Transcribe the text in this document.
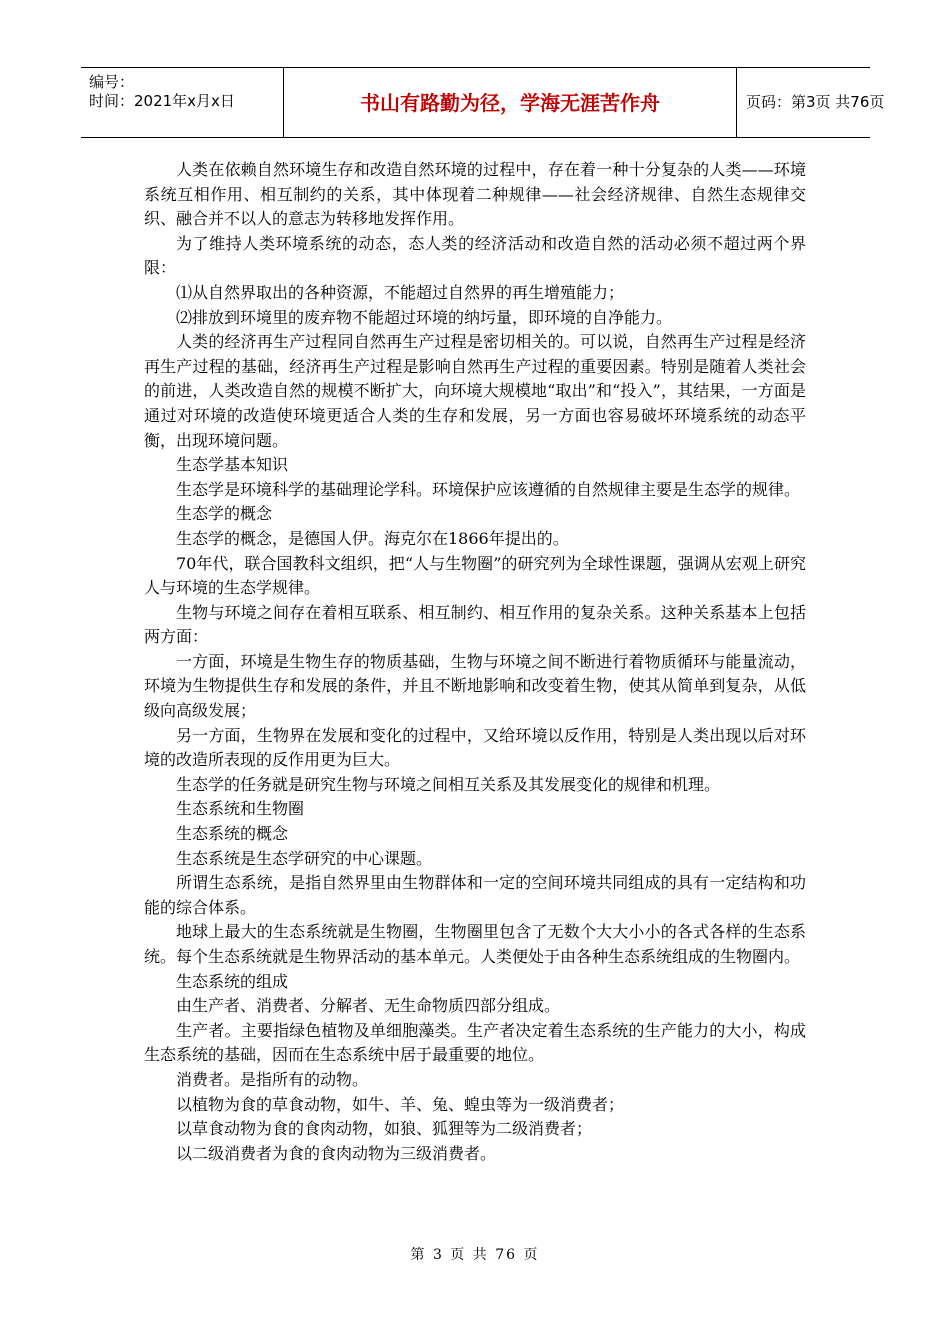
编号：
时间：2021年x月x日	书山有路勤为径，学海无涯苦作舟	页码：第3页 共76页

人类在依赖自然环境生存和改造自然环境的过程中，存在着一种十分复杂的人类——环境系统互相作用、相互制约的关系，其中体现着二种规律——社会经济规律、自然生态规律交织、融合并不以人的意志为转移地发挥作用。

为了维持人类环境系统的动态，态人类的经济活动和改造自然的活动必须不超过两个界限：

⑴从自然界取出的各种资源，不能超过自然界的再生增殖能力；

⑵排放到环境里的废弃物不能超过环境的纳圬量，即环境的自净能力。

人类的经济再生产过程同自然再生产过程是密切相关的。可以说，自然再生产过程是经济再生产过程的基础，经济再生产过程是影响自然再生产过程的重要因素。特别是随着人类社会的前进，人类改造自然的规模不断扩大，向环境大规模地“取出”和“投入”，其结果，一方面是通过对环境的改造使环境更适合人类的生存和发展，另一方面也容易破坏环境系统的动态平衡，出现环境问题。

生态学基本知识

生态学是环境科学的基础理论学科。环境保护应该遵循的自然规律主要是生态学的规律。

生态学的概念

生态学的概念，是德国人伊。海克尔在1866年提出的。

70年代，联合国教科文组织，把“人与生物圈”的研究列为全球性课题，强调从宏观上研究人与环境的生态学规律。

生物与环境之间存在着相互联系、相互制约、相互作用的复杂关系。这种关系基本上包括两方面：

一方面，环境是生物生存的物质基础，生物与环境之间不断进行着物质循环与能量流动，环境为生物提供生存和发展的条件，并且不断地影响和改变着生物，使其从简单到复杂，从低级向高级发展；

另一方面，生物界在发展和变化的过程中，又给环境以反作用，特别是人类出现以后对环境的改造所表现的反作用更为巨大。

生态学的任务就是研究生物与环境之间相互关系及其发展变化的规律和机理。

生态系统和生物圈

生态系统的概念

生态系统是生态学研究的中心课题。

所谓生态系统，是指自然界里由生物群体和一定的空间环境共同组成的具有一定结构和功能的综合体系。

地球上最大的生态系统就是生物圈，生物圈里包含了无数个大大小小的各式各样的生态系统。每个生态系统就是生物界活动的基本单元。人类便处于由各种生态系统组成的生物圈内。

生态系统的组成

由生产者、消费者、分解者、无生命物质四部分组成。

生产者。主要指绿色植物及单细胞藻类。生产者决定着生态系统的生产能力的大小，构成生态系统的基础，因而在生态系统中居于最重要的地位。

消费者。是指所有的动物。

以植物为食的草食动物，如牛、羊、兔、蝗虫等为一级消费者；

以草食动物为食的食肉动物，如狼、狐狸等为二级消费者；

以二级消费者为食的食肉动物为三级消费者。

第 3 页 共 76 页
